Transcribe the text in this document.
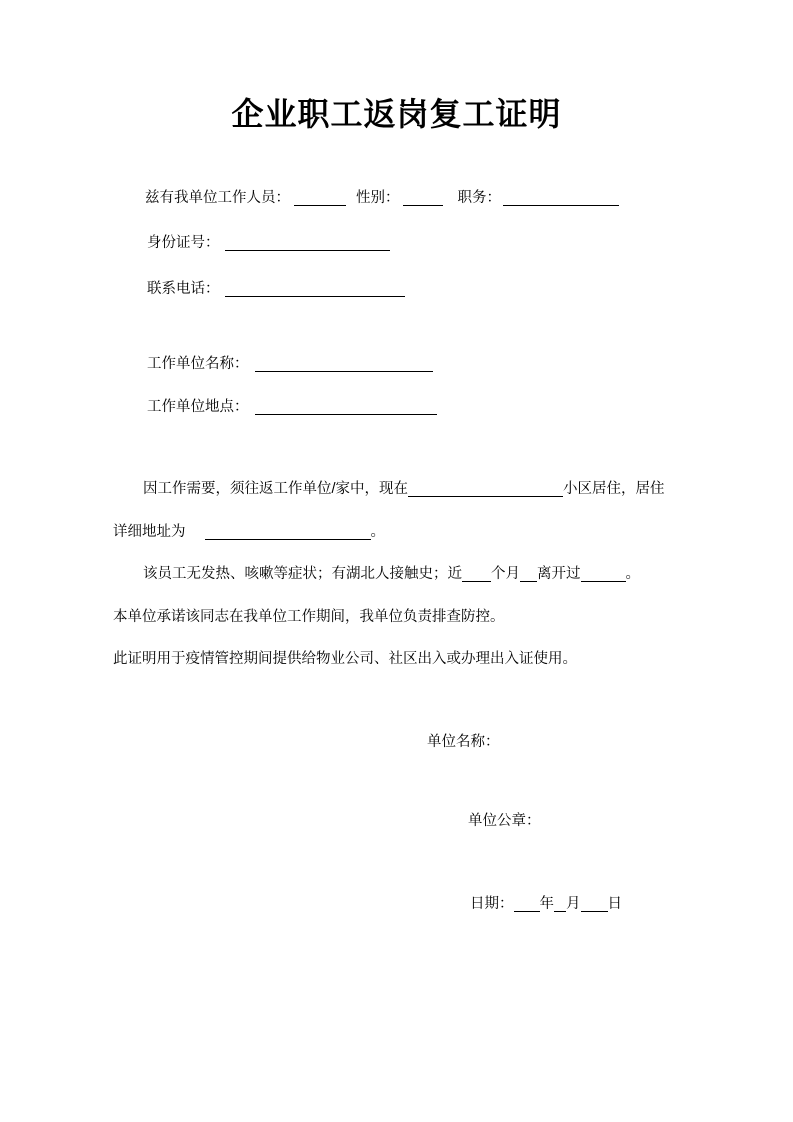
企业职工返岗复工证明
兹有我单位工作人员：	性别：	职务：
身份证号：
联系电话：
工作单位名称：
工作单位地点：
因工作需要，须往返工作单位/家中，现在	小区居住，居住
详细地址为	。
该员工无发热、咳嗽等症状；有湖北人接触史；近 个月 离开过	。
本单位承诺该同志在我单位工作期间，我单位负责排查防控。
此证明用于疫情管控期间提供给物业公司、社区出入或办理出入证使用。
单位名称：
单位公章：
日期： 年 月 日
